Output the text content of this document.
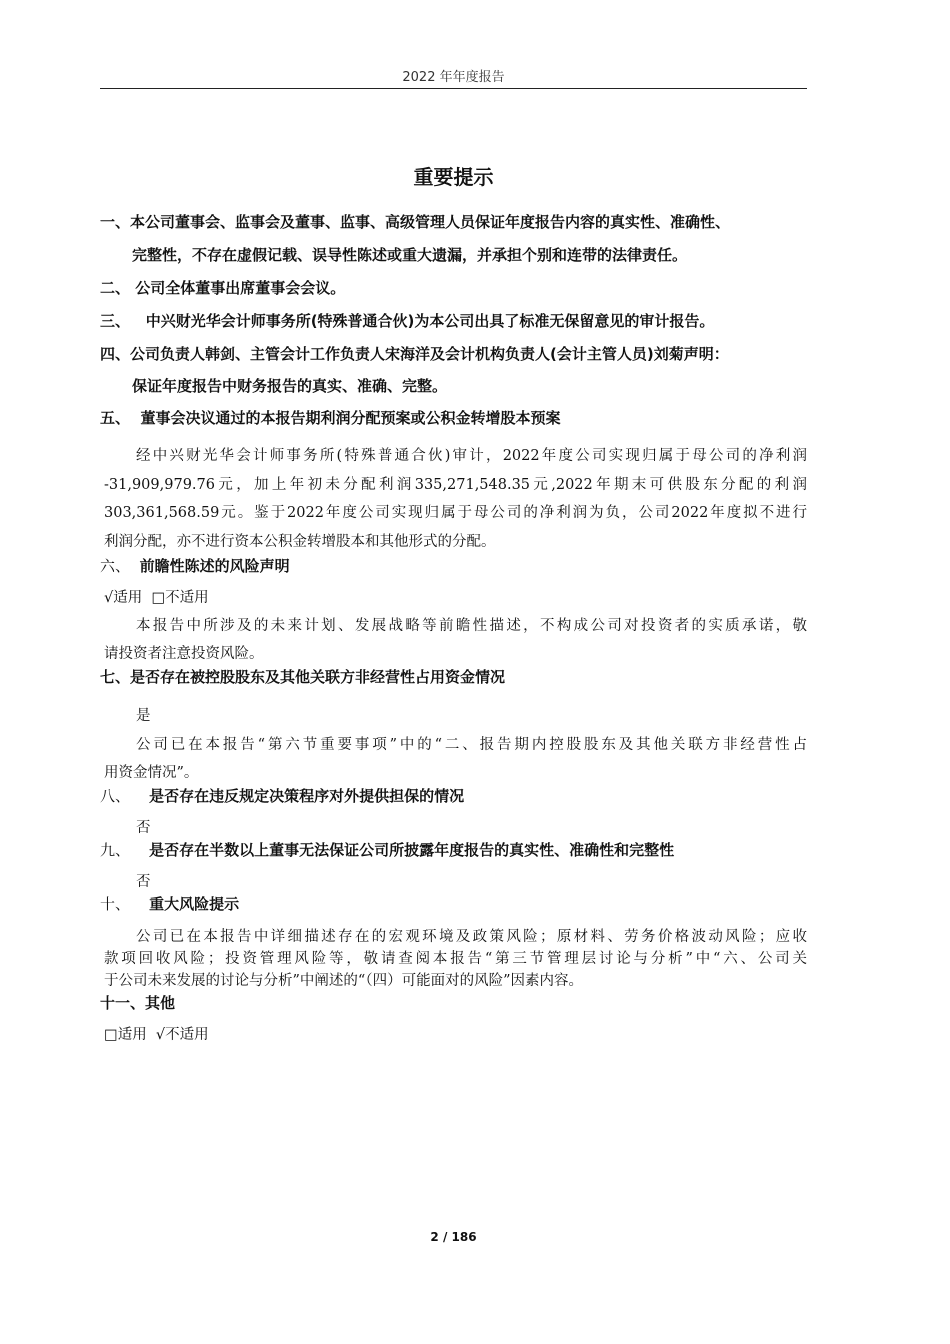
2022 年年度报告
重要提示
一、本公司董事会、监事会及董事、监事、高级管理人员保证年度报告内容的真实性、准确性、
完整性，不存在虚假记载、误导性陈述或重大遗漏，并承担个别和连带的法律责任。
二、 公司全体董事出席董事会会议。
三、 中兴财光华会计师事务所(特殊普通合伙)为本公司出具了标准无保留意见的审计报告。
四、公司负责人韩剑、主管会计工作负责人宋海洋及会计机构负责人(会计主管人员)刘菊声明：
保证年度报告中财务报告的真实、准确、完整。
五、 董事会决议通过的本报告期利润分配预案或公积金转增股本预案
经中兴财光华会计师事务所(特殊普通合伙)审计，2022年度公司实现归属于母公司的净利润
-31,909,979.76元，加上年初未分配利润335,271,548.35元,2022年期末可供股东分配的利润
303,361,568.59元。鉴于2022年度公司实现归属于母公司的净利润为负，公司2022年度拟不进行
利润分配，亦不进行资本公积金转增股本和其他形式的分配。
六、 前瞻性陈述的风险声明
√适用  □不适用
本报告中所涉及的未来计划、发展战略等前瞻性描述，不构成公司对投资者的实质承诺，敬
请投资者注意投资风险。
七、是否存在被控股股东及其他关联方非经营性占用资金情况
是
公司已在本报告“第六节重要事项”中的“二、报告期内控股股东及其他关联方非经营性占
用资金情况”。
八、 是否存在违反规定决策程序对外提供担保的情况
否
九、 是否存在半数以上董事无法保证公司所披露年度报告的真实性、准确性和完整性
否
十、 重大风险提示
公司已在本报告中详细描述存在的宏观环境及政策风险；原材料、劳务价格波动风险；应收
款项回收风险；投资管理风险等，敬请查阅本报告“第三节管理层讨论与分析”中“六、公司关
于公司未来发展的讨论与分析”中阐述的“（四）可能面对的风险”因素内容。
十一、其他
□适用  √不适用
2 / 186
